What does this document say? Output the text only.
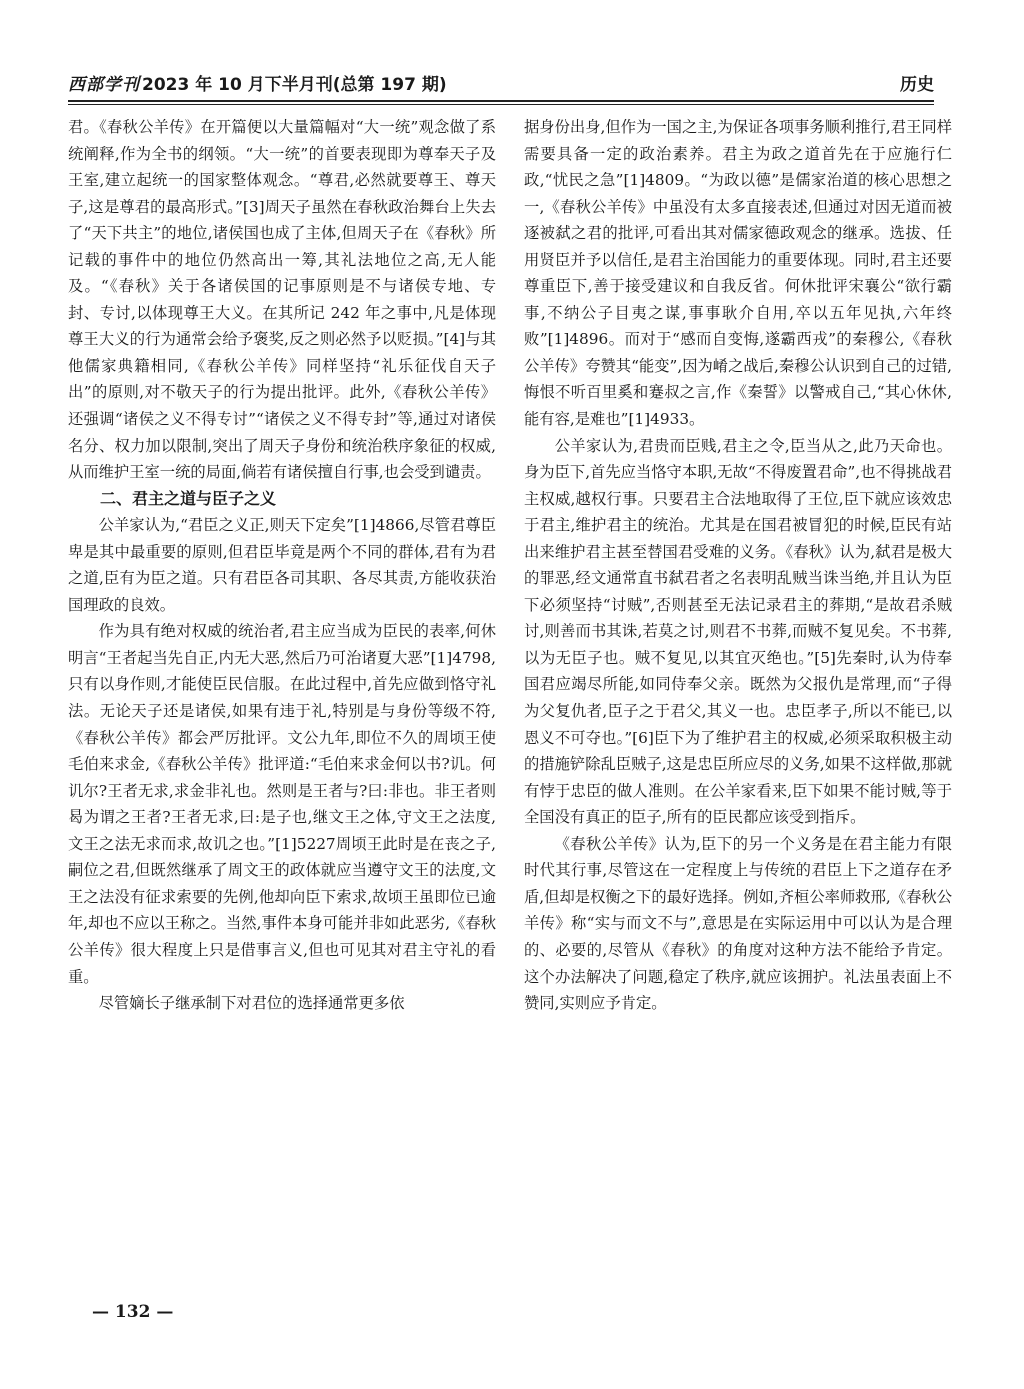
西部学刊 2023 年 10 月下半月刊(总第 197 期)	历史

君。《春秋公羊传》在开篇便以大量篇幅对“大一统”观念做了系统阐释,作为全书的纲领。“大一统”的首要表现即为尊奉天子及王室,建立起统一的国家整体观念。“尊君,必然就要尊王、尊天子,这是尊君的最高形式。”[3]周天子虽然在春秋政治舞台上失去了“天下共主”的地位,诸侯国也成了主体,但周天子在《春秋》所记载的事件中的地位仍然高出一筹,其礼法地位之高,无人能及。“《春秋》关于各诸侯国的记事原则是不与诸侯专地、专封、专讨,以体现尊王大义。在其所记 242 年之事中,凡是体现尊王大义的行为通常会给予褒奖,反之则必然予以贬损。”[4]与其他儒家典籍相同,《春秋公羊传》同样坚持“礼乐征伐自天子出”的原则,对不敬天子的行为提出批评。此外,《春秋公羊传》还强调“诸侯之义不得专讨”“诸侯之义不得专封”等,通过对诸侯名分、权力加以限制,突出了周天子身份和统治秩序象征的权威,从而维护王室一统的局面,倘若有诸侯擅自行事,也会受到谴责。

二、君主之道与臣子之义

公羊家认为,“君臣之义正,则天下定矣”[1]4866,尽管君尊臣卑是其中最重要的原则,但君臣毕竟是两个不同的群体,君有为君之道,臣有为臣之道。只有君臣各司其职、各尽其责,方能收获治国理政的良效。

作为具有绝对权威的统治者,君主应当成为臣民的表率,何休明言“王者起当先自正,内无大恶,然后乃可治诸夏大恶”[1]4798,只有以身作则,才能使臣民信服。在此过程中,首先应做到恪守礼法。无论天子还是诸侯,如果有违于礼,特别是与身份等级不符,《春秋公羊传》都会严厉批评。文公九年,即位不久的周顷王使毛伯来求金,《春秋公羊传》批评道:“毛伯来求金何以书?讥。何讥尔?王者无求,求金非礼也。然则是王者与?曰:非也。非王者则曷为谓之王者?王者无求,曰:是子也,继文王之体,守文王之法度,文王之法无求而求,故讥之也。”[1]5227周顷王此时是在丧之子,嗣位之君,但既然继承了周文王的政体就应当遵守文王的法度,文王之法没有征求索要的先例,他却向臣下索求,故顷王虽即位已逾年,却也不应以王称之。当然,事件本身可能并非如此恶劣,《春秋公羊传》很大程度上只是借事言义,但也可见其对君主守礼的看重。

尽管嫡长子继承制下对君位的选择通常更多依

据身份出身,但作为一国之主,为保证各项事务顺利推行,君王同样需要具备一定的政治素养。君主为政之道首先在于应施行仁政,“忧民之急”[1]4809。“为政以德”是儒家治道的核心思想之一,《春秋公羊传》中虽没有太多直接表述,但通过对因无道而被逐被弑之君的批评,可看出其对儒家德政观念的继承。选拔、任用贤臣并予以信任,是君主治国能力的重要体现。同时,君主还要尊重臣下,善于接受建议和自我反省。何休批评宋襄公“欲行霸事,不纳公子目夷之谋,事事耿介自用,卒以五年见执,六年终败”[1]4896。而对于“感而自变悔,遂霸西戎”的秦穆公,《春秋公羊传》夸赞其“能变”,因为崤之战后,秦穆公认识到自己的过错,悔恨不听百里奚和蹇叔之言,作《秦誓》以警戒自己,“其心休休,能有容,是难也”[1]4933。

公羊家认为,君贵而臣贱,君主之令,臣当从之,此乃天命也。身为臣下,首先应当恪守本职,无故“不得废置君命”,也不得挑战君主权威,越权行事。只要君主合法地取得了王位,臣下就应该效忠于君主,维护君主的统治。尤其是在国君被冒犯的时候,臣民有站出来维护君主甚至替国君受难的义务。《春秋》认为,弑君是极大的罪恶,经文通常直书弑君者之名表明乱贼当诛当绝,并且认为臣下必须坚持“讨贼”,否则甚至无法记录君主的葬期,“是故君杀贼讨,则善而书其诛,若莫之讨,则君不书葬,而贼不复见矣。不书葬,以为无臣子也。贼不复见,以其宜灭绝也。”[5]先秦时,认为侍奉国君应竭尽所能,如同侍奉父亲。既然为父报仇是常理,而“子得为父复仇者,臣子之于君父,其义一也。忠臣孝子,所以不能已,以恩义不可夺也。”[6]臣下为了维护君主的权威,必须采取积极主动的措施铲除乱臣贼子,这是忠臣所应尽的义务,如果不这样做,那就有悖于忠臣的做人准则。在公羊家看来,臣下如果不能讨贼,等于全国没有真正的臣子,所有的臣民都应该受到指斥。

《春秋公羊传》认为,臣下的另一个义务是在君主能力有限时代其行事,尽管这在一定程度上与传统的君臣上下之道存在矛盾,但却是权衡之下的最好选择。例如,齐桓公率师救邢,《春秋公羊传》称“实与而文不与”,意思是在实际运用中可以认为是合理的、必要的,尽管从《春秋》的角度对这种方法不能给予肯定。这个办法解决了问题,稳定了秩序,就应该拥护。礼法虽表面上不赞同,实则应予肯定。

— 132 —
